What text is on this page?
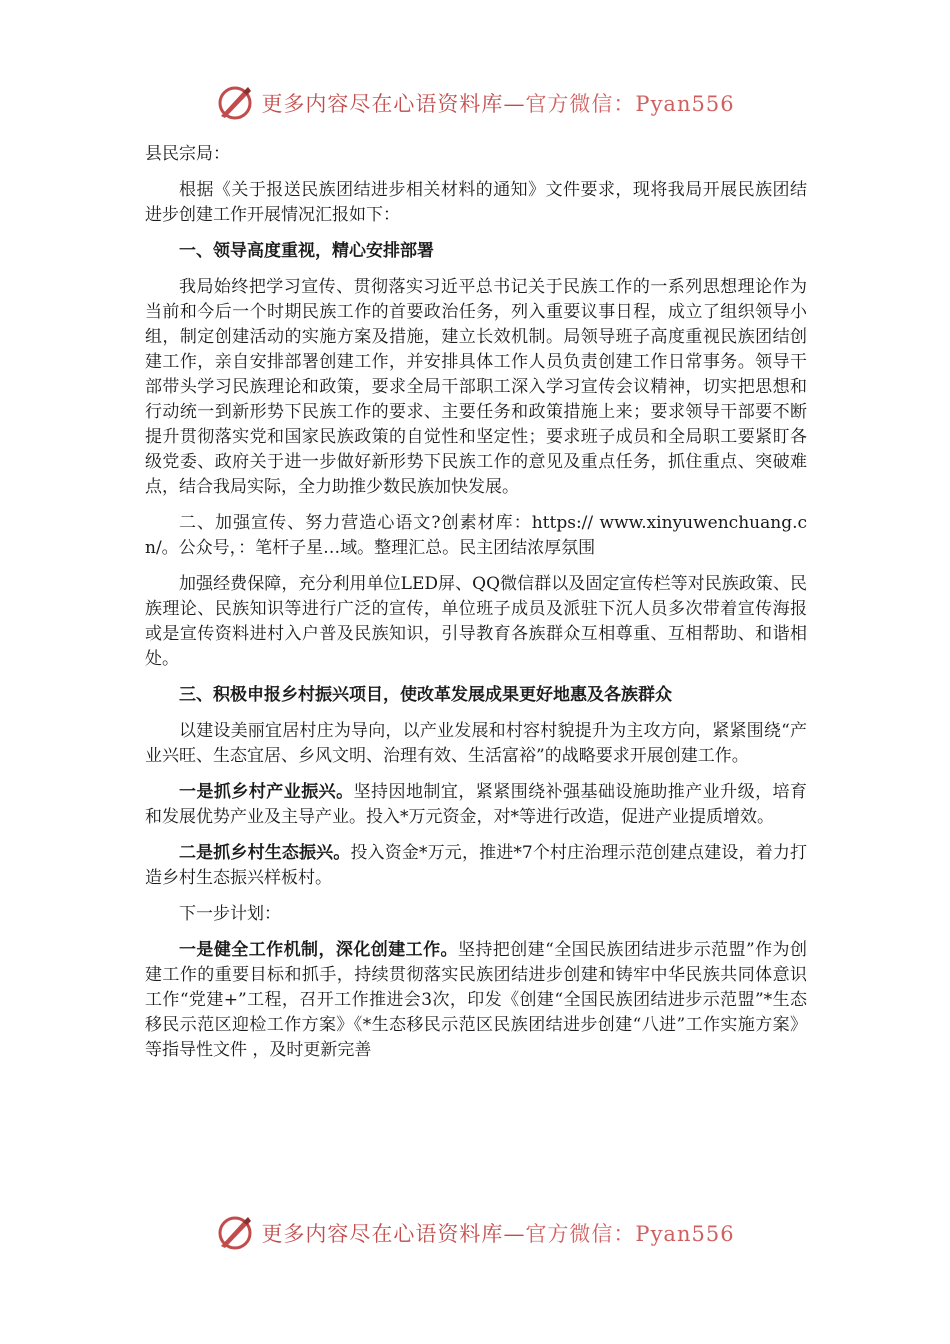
更多内容尽在心语资料库—官方微信：Pyan556

县民宗局：

根据《关于报送民族团结进步相关材料的通知》文件要求，现将我局开展民族团结进步创建工作开展情况汇报如下：

一、领导高度重视，精心安排部署

我局始终把学习宣传、贯彻落实习近平总书记关于民族工作的一系列思想理论作为当前和今后一个时期民族工作的首要政治任务，列入重要议事日程，成立了组织领导小组，制定创建活动的实施方案及措施，建立长效机制。局领导班子高度重视民族团结创建工作，亲自安排部署创建工作，并安排具体工作人员负责创建工作日常事务。领导干部带头学习民族理论和政策，要求全局干部职工深入学习宣传会议精神，切实把思想和行动统一到新形势下民族工作的要求、主要任务和政策措施上来；要求领导干部要不断提升贯彻落实党和国家民族政策的自觉性和坚定性；要求班子成员和全局职工要紧盯各级党委、政府关于进一步做好新形势下民族工作的意见及重点任务，抓住重点、突破难点，结合我局实际，全力助推少数民族加快发展。

二、加强宣传、努力营造心语文?创素材库：https:// www.xinyuwenchuang.cn/。公众号，：笔杆子星…域。整理汇总。民主团结浓厚氛围

加强经费保障，充分利用单位LED屏、QQ微信群以及固定宣传栏等对民族政策、民族理论、民族知识等进行广泛的宣传，单位班子成员及派驻下沉人员多次带着宣传海报或是宣传资料进村入户普及民族知识，引导教育各族群众互相尊重、互相帮助、和谐相处。

三、积极申报乡村振兴项目，使改革发展成果更好地惠及各族群众

以建设美丽宜居村庄为导向，以产业发展和村容村貌提升为主攻方向，紧紧围绕“产业兴旺、生态宜居、乡风文明、治理有效、生活富裕”的战略要求开展创建工作。

一是抓乡村产业振兴。坚持因地制宜，紧紧围绕补强基础设施助推产业升级，培育和发展优势产业及主导产业。投入*万元资金，对*等进行改造，促进产业提质增效。

二是抓乡村生态振兴。投入资金*万元，推进*7个村庄治理示范创建点建设，着力打造乡村生态振兴样板村。

下一步计划：

一是健全工作机制，深化创建工作。坚持把创建“全国民族团结进步示范盟”作为创建工作的重要目标和抓手，持续贯彻落实民族团结进步创建和铸牢中华民族共同体意识工作“党建+”工程，召开工作推进会3次，印发《创建“全国民族团结进步示范盟”*生态移民示范区迎检工作方案》《*生态移民示范区民族团结进步创建“八进”工作实施方案》等指导性文件 ，及时更新完善

更多内容尽在心语资料库—官方微信：Pyan556
